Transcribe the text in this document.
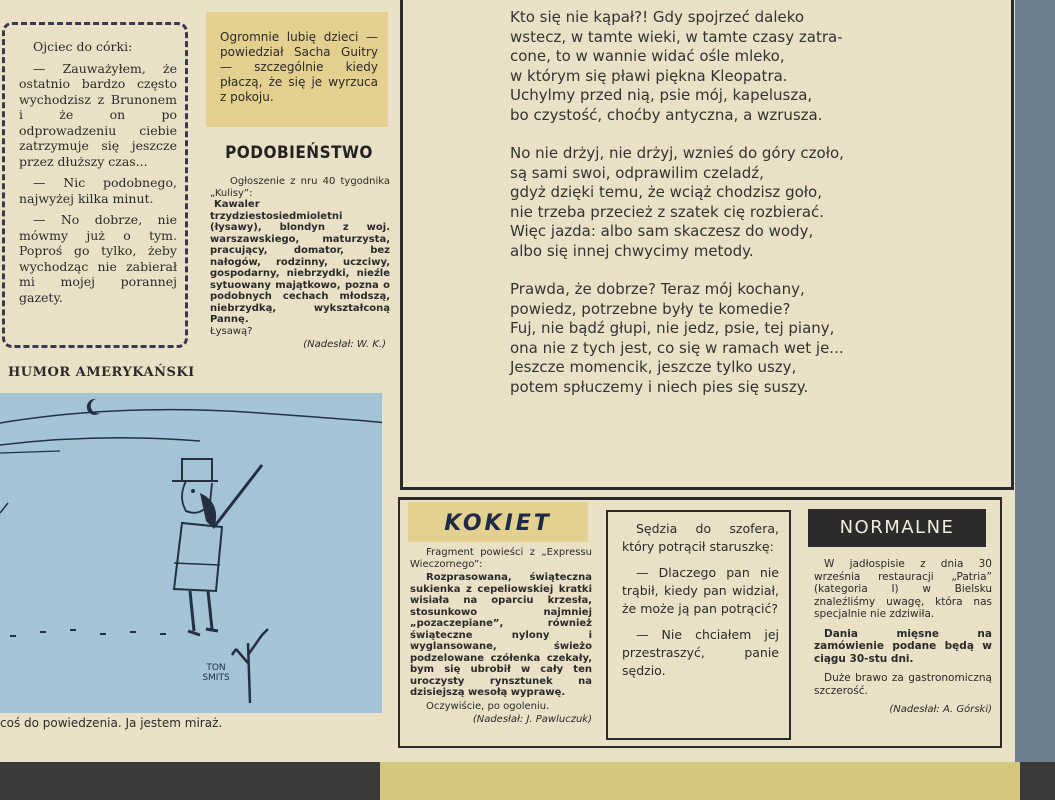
Ojciec do córki:

— Zauważyłem, że ostatnio bardzo często wychodzisz z Brunonem i że on po odprowadzeniu ciebie zatrzymuje się jeszcze przez dłuższy czas...

— Nic podobnego, najwyżej kilka minut.

— No dobrze, nie mówmy już o tym. Poproś go tylko, żeby wychodząc nie zabierał mi mojej porannej gazety.

Ogromnie lubię dzieci — powiedział Sacha Guitry — szczególnie kiedy płaczą, że się je wyrzuca z pokoju.
PODOBIEŃSTWO

Ogłoszenie z nru 40 tygodnika „Kulisy”:

Kawaler trzydziestosiedmioletni (łysawy), blondyn z woj. warszawskiego, maturzysta, pracujący, domator, bez nałogów, rodzinny, uczciwy, gospodarny, niebrzydki, nieźle sytuowany majątkowo, pozna o podobnych cechach młodszą, niebrzydką, wykształconą Pannę.

Łysawą?

(Nadesłał: W. K.)

HUMOR AMERYKAŃSKI
TON SMITS
coś do powiedzenia. Ja jestem miraż.
Kto się nie kąpał?! Gdy spojrzeć daleko
wstecz, w tamte wieki, w tamte czasy zatra-
cone, to w wannie widać ośle mleko,
w którym się pławi piękna Kleopatra.
Uchylmy przed nią, psie mój, kapelusza,
bo czystość, choćby antyczna, a wzrusza.
No nie drżyj, nie drżyj, wznieś do góry czoło,
są sami swoi, odprawilim czeladź,
gdyż dzięki temu, że wciąż chodzisz goło,
nie trzeba przecież z szatek cię rozbierać.
Więc jazda: albo sam skaczesz do wody,
albo się innej chwycimy metody.
Prawda, że dobrze? Teraz mój kochany,
powiedz, potrzebne były te komedie?
Fuj, nie bądź głupi, nie jedz, psie, tej piany,
ona nie z tych jest, co się w ramach wet je...
Jeszcze momencik, jeszcze tylko uszy,
potem spłuczemy i niech pies się suszy.
KOKIET

Fragment powieści z „Expressu Wieczornego”:

Rozprasowana, świąteczna sukienka z cepeliowskiej kratki wisiała na oparciu krzesła, stosunkowo najmniej „pozaczepiane”, również świąteczne nylony i wyglansowane, świeżo podzelowane czółenka czekały, bym się ubrobił w cały ten uroczysty rynsztunek na dzisiejszą wesołą wyprawę.

Oczywiście, po ogoleniu.

(Nadesłał: J. Pawluczuk)

Sędzia do szofera, który potrącił staruszkę:

— Dlaczego pan nie trąbił, kiedy pan widział, że może ją pan potrącić?

— Nie chciałem jej przestraszyć, panie sędzio.

NORMALNE

W jadłospisie z dnia 30 września restauracji „Patria” (kategoria I) w Bielsku znaleźliśmy uwagę, która nas specjalnie nie zdziwiła.

Dania mięsne na zamówienie podane będą w ciągu 30-stu dni.

Duże brawo za gastronomiczną szczerość.

(Nadesłał: A. Górski)
